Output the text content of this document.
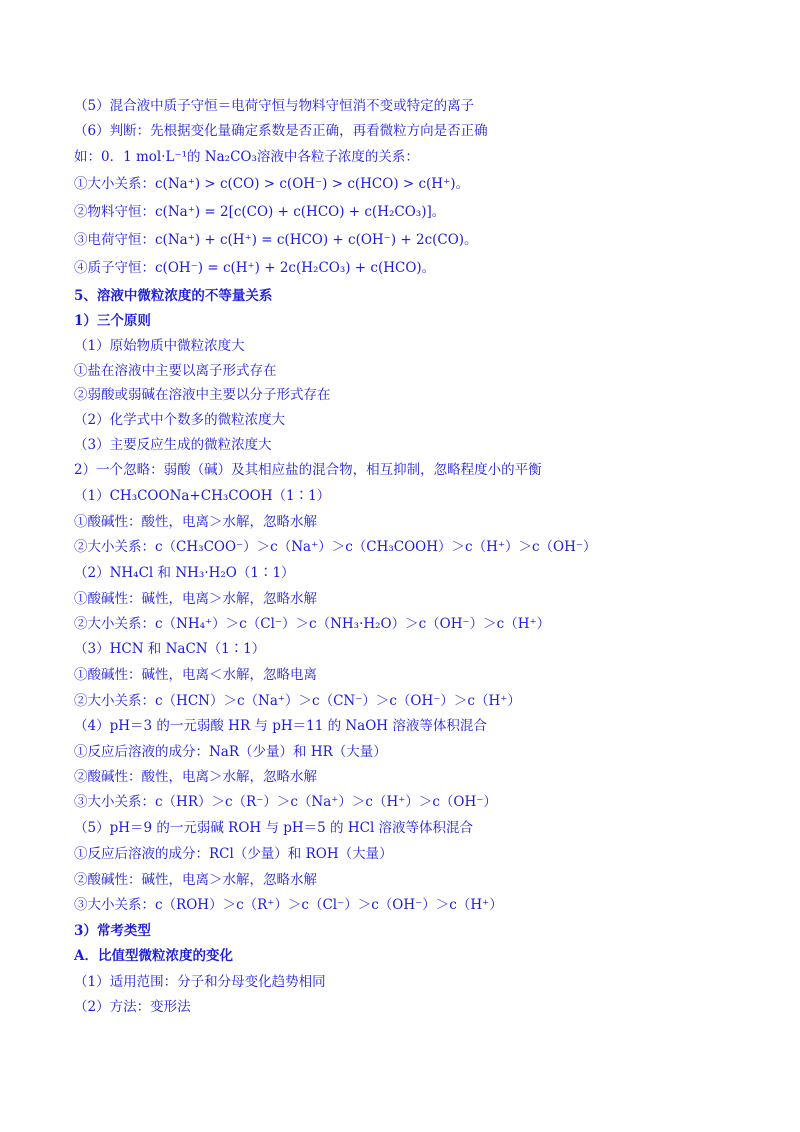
（5）混合液中质子守恒＝电荷守恒与物料守恒消不变或特定的离子
（6）判断：先根据变化量确定系数是否正确，再看微粒方向是否正确
如：0．1 mol·L⁻¹的 Na₂CO₃溶液中各粒子浓度的关系：
①大小关系：c(Na⁺) > c(CO) > c(OH⁻) > c(HCO) > c(H⁺)。
②物料守恒：c(Na⁺) = 2[c(CO) + c(HCO) + c(H₂CO₃)]。
③电荷守恒：c(Na⁺) + c(H⁺) = c(HCO) + c(OH⁻) + 2c(CO)。
④质子守恒：c(OH⁻) = c(H⁺) + 2c(H₂CO₃) + c(HCO)。
5、溶液中微粒浓度的不等量关系
1）三个原则
（1）原始物质中微粒浓度大
①盐在溶液中主要以离子形式存在
②弱酸或弱碱在溶液中主要以分子形式存在
（2）化学式中个数多的微粒浓度大
（3）主要反应生成的微粒浓度大
2）一个忽略：弱酸（碱）及其相应盐的混合物，相互抑制，忽略程度小的平衡
（1）CH₃COONa+CH₃COOH（1∶1）
①酸碱性：酸性，电离＞水解，忽略水解
②大小关系：c（CH₃COO⁻）＞c（Na⁺）＞c（CH₃COOH）＞c（H⁺）＞c（OH⁻）
（2）NH₄Cl 和 NH₃·H₂O（1∶1）
①酸碱性：碱性，电离＞水解，忽略水解
②大小关系：c（NH₄⁺）＞c（Cl⁻）＞c（NH₃·H₂O）＞c（OH⁻）＞c（H⁺）
（3）HCN 和 NaCN（1∶1）
①酸碱性：碱性，电离＜水解，忽略电离
②大小关系：c（HCN）＞c（Na⁺）＞c（CN⁻）＞c（OH⁻）＞c（H⁺）
（4）pH＝3 的一元弱酸 HR 与 pH＝11 的 NaOH 溶液等体积混合
①反应后溶液的成分：NaR（少量）和 HR（大量）
②酸碱性：酸性，电离＞水解，忽略水解
③大小关系：c（HR）＞c（R⁻）＞c（Na⁺）＞c（H⁺）＞c（OH⁻）
（5）pH＝9 的一元弱碱 ROH 与 pH＝5 的 HCl 溶液等体积混合
①反应后溶液的成分：RCl（少量）和 ROH（大量）
②酸碱性：碱性，电离＞水解，忽略水解
③大小关系：c（ROH）＞c（R⁺）＞c（Cl⁻）＞c（OH⁻）＞c（H⁺）
3）常考类型
A．比值型微粒浓度的变化
（1）适用范围：分子和分母变化趋势相同
（2）方法：变形法
